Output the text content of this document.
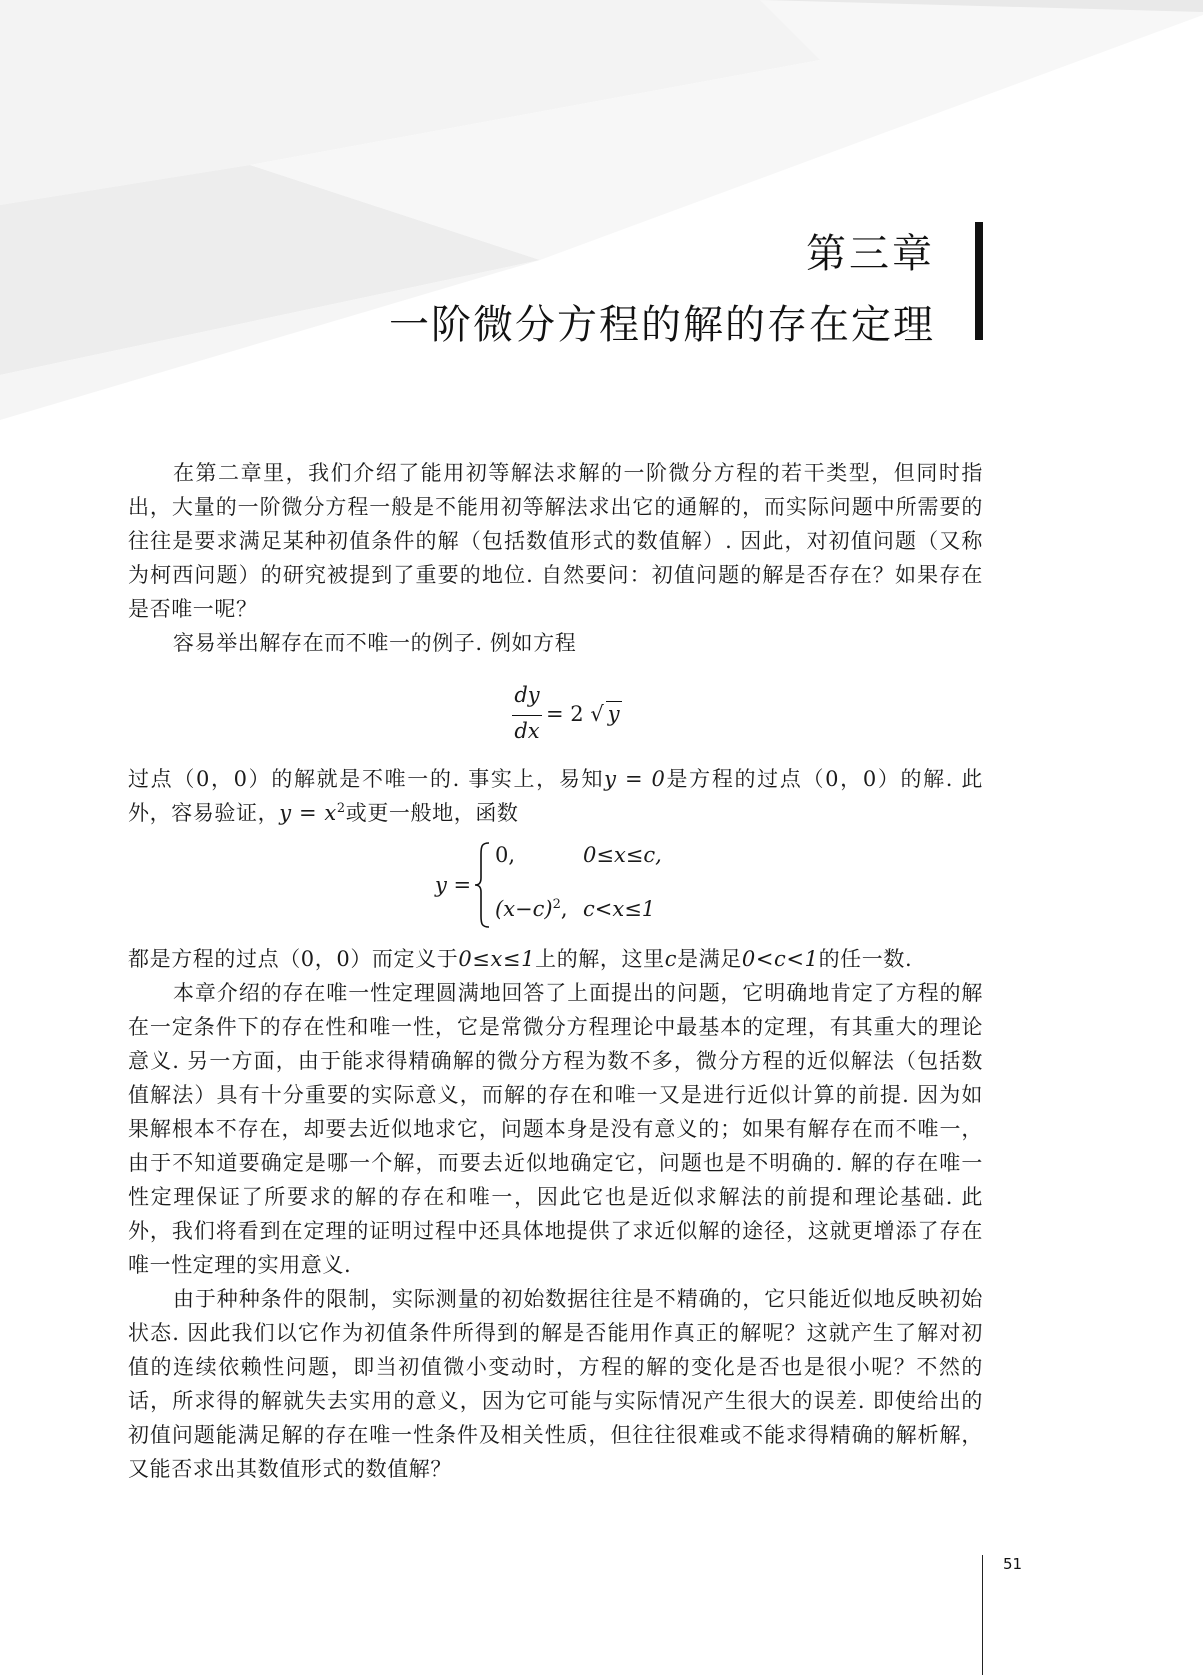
第三章
一阶微分方程的解的存在定理

在第二章里，我们介绍了能用初等解法求解的一阶微分方程的若干类型，但同时指出，大量的一阶微分方程一般是不能用初等解法求出它的通解的，而实际问题中所需要的往往是要求满足某种初值条件的解（包括数值形式的数值解）. 因此，对初值问题（又称为柯西问题）的研究被提到了重要的地位. 自然要问：初值问题的解是否存在？如果存在是否唯一呢？

容易举出解存在而不唯一的例子. 例如方程

dy
dx
= 2 √ y

过点（0，0）的解就是不唯一的. 事实上，易知y = 0是方程的过点（0，0）的解. 此外，容易验证，$y = x^2$或更一般地，函数

y =
0,	0≤x≤c,
$(x-c)^2$, c<x≤1

都是方程的过点（0，0）而定义于0≤x≤1上的解，这里c是满足0<c<1的任一数.

本章介绍的存在唯一性定理圆满地回答了上面提出的问题，它明确地肯定了方程的解在一定条件下的存在性和唯一性，它是常微分方程理论中最基本的定理，有其重大的理论意义. 另一方面，由于能求得精确解的微分方程为数不多，微分方程的近似解法（包括数值解法）具有十分重要的实际意义，而解的存在和唯一又是进行近似计算的前提. 因为如果解根本不存在，却要去近似地求它，问题本身是没有意义的；如果有解存在而不唯一，由于不知道要确定是哪一个解，而要去近似地确定它，问题也是不明确的. 解的存在唯一性定理保证了所要求的解的存在和唯一，因此它也是近似求解法的前提和理论基础. 此外，我们将看到在定理的证明过程中还具体地提供了求近似解的途径，这就更增添了存在唯一性定理的实用意义.

由于种种条件的限制，实际测量的初始数据往往是不精确的，它只能近似地反映初始状态. 因此我们以它作为初值条件所得到的解是否能用作真正的解呢？这就产生了解对初值的连续依赖性问题，即当初值微小变动时，方程的解的变化是否也是很小呢？不然的话，所求得的解就失去实用的意义，因为它可能与实际情况产生很大的误差. 即使给出的初值问题能满足解的存在唯一性条件及相关性质，但往往很难或不能求得精确的解析解，又能否求出其数值形式的数值解？

51
